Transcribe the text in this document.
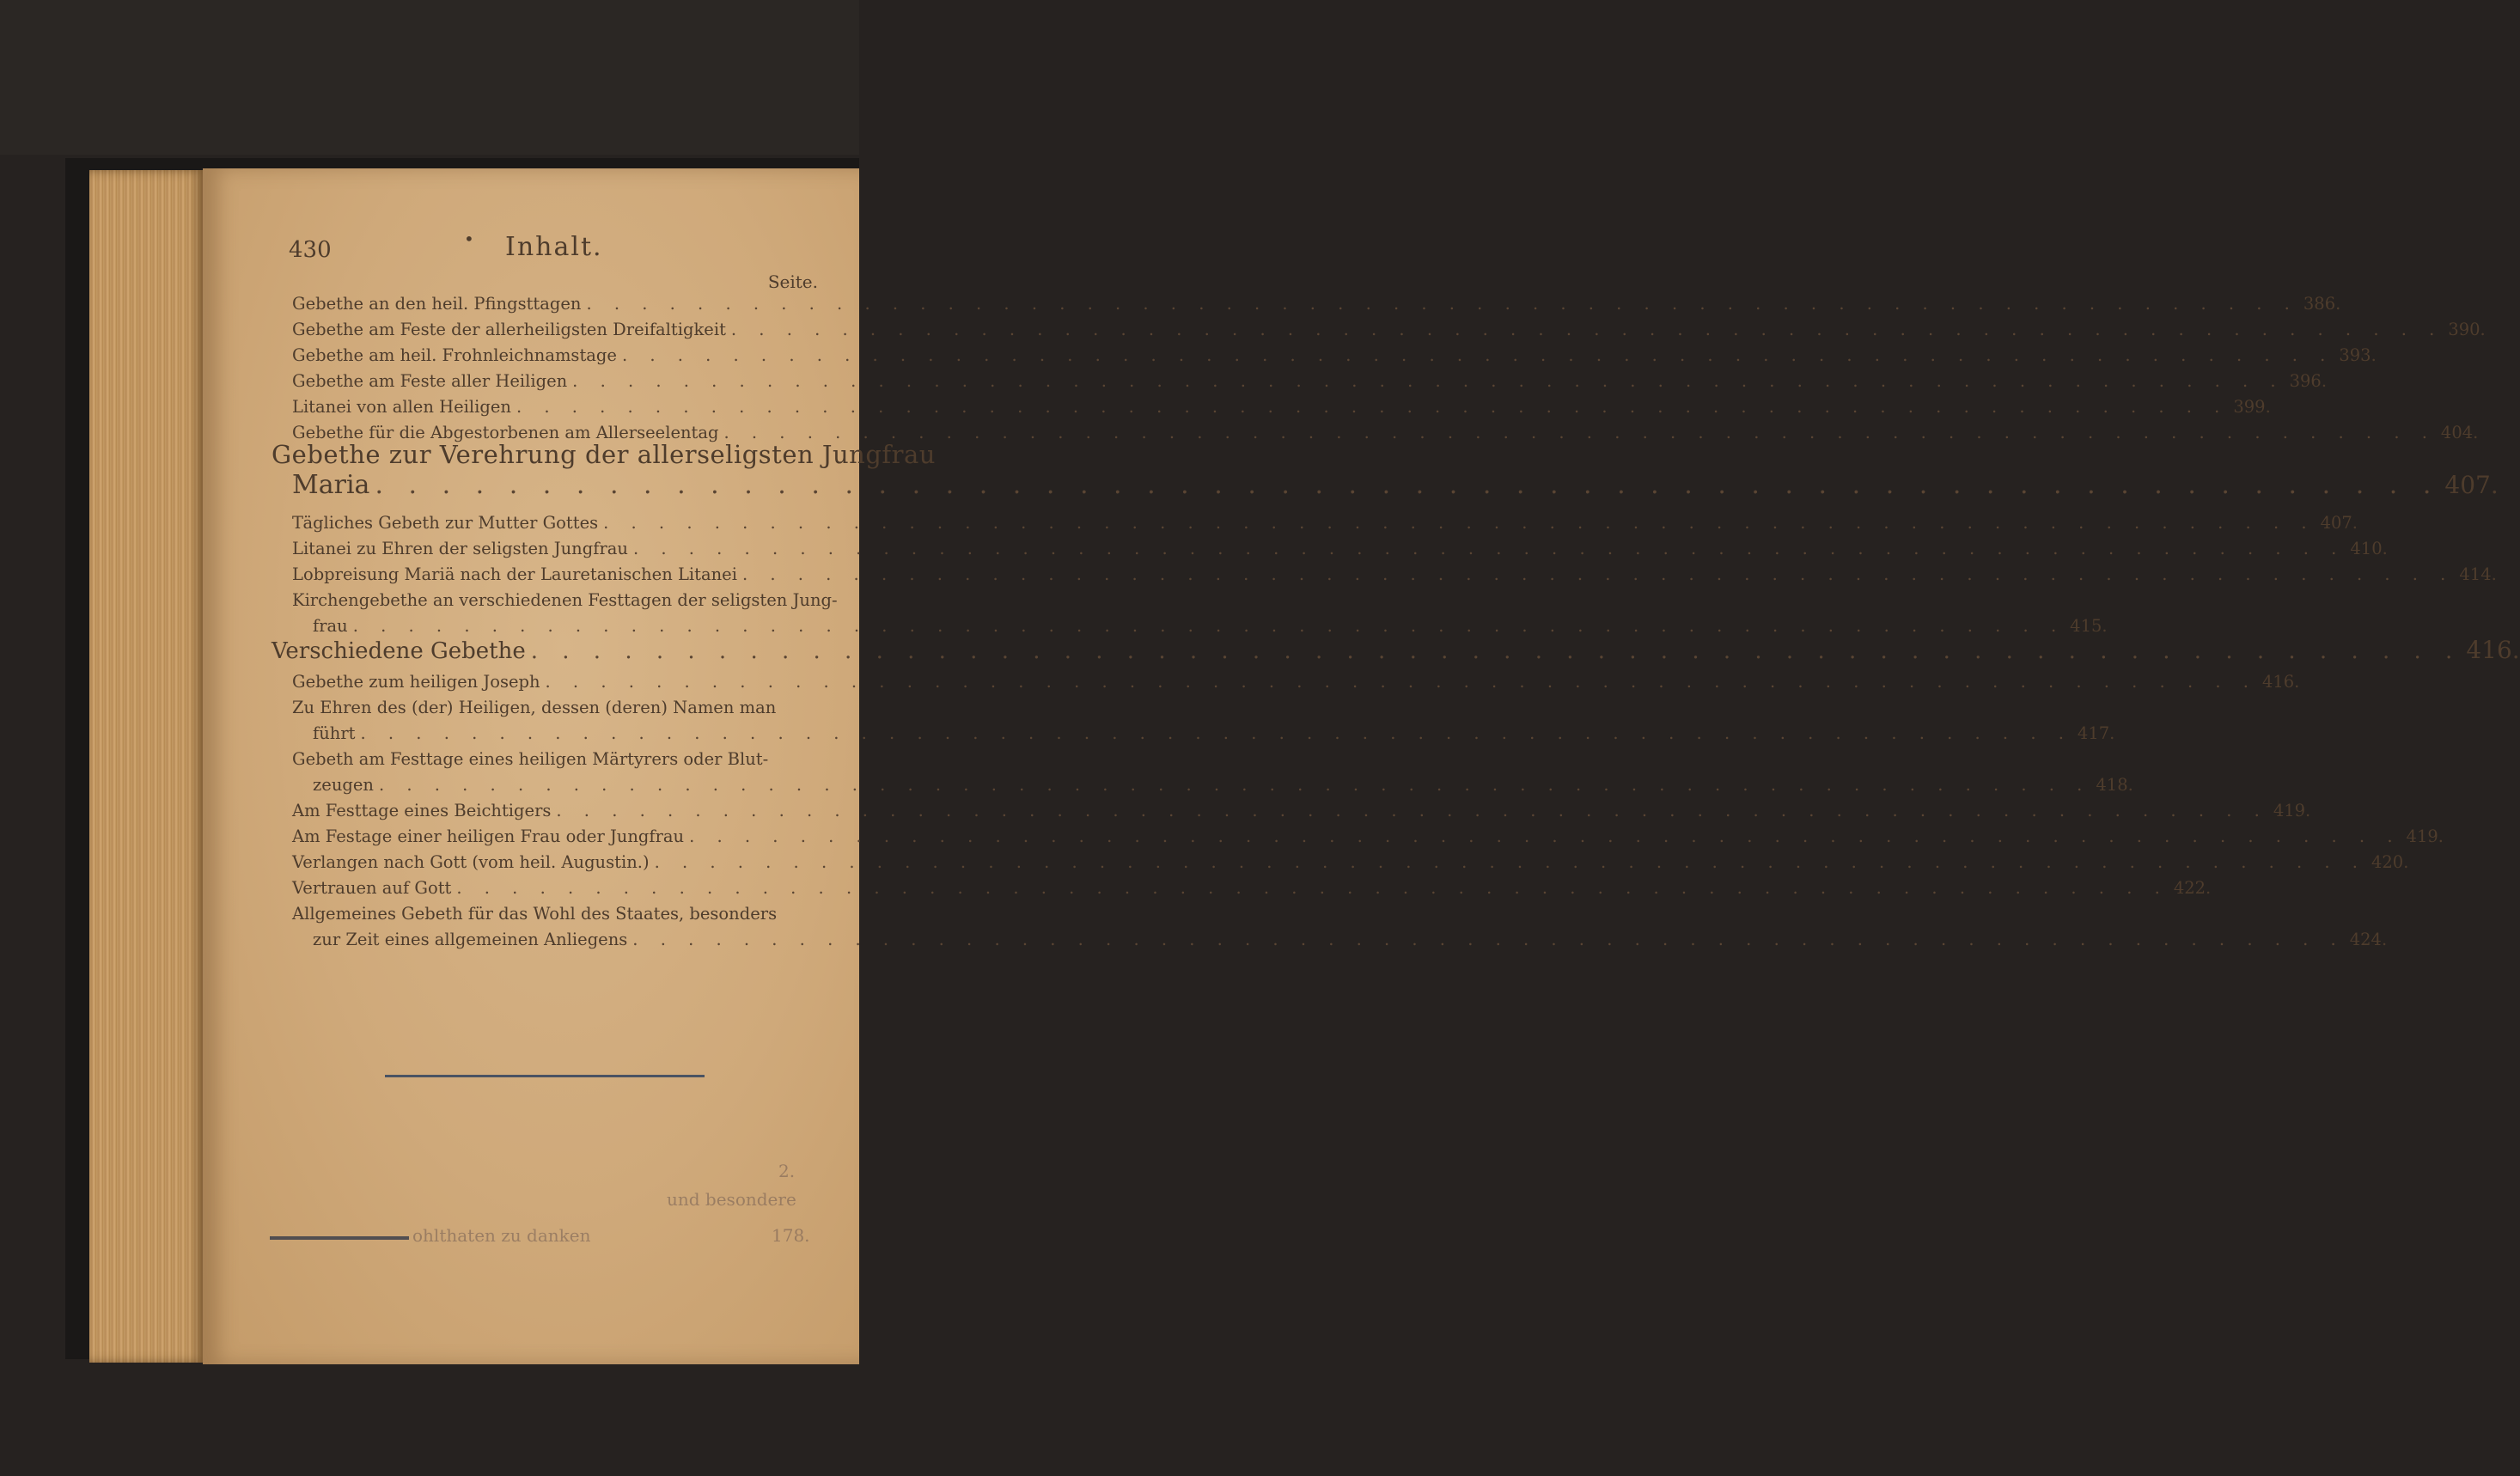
430	• Inhalt.
Seite.
Gebethe an den heil. Pfingsttagen . . .	386.
Gebethe am Feste der allerheiligsten Dreifaltigkeit . . .	390.
Gebethe am heil. Frohnleichnamstage . . .	393.
Gebethe am Feste aller Heiligen . . .	396.
Litanei von allen Heiligen . . .	399.
Gebethe für die Abgestorbenen am Allerseelentag . . .	404.
Gebethe zur Verehrung der allerseligsten Jungfrau
Maria . . .	407.
Tägliches Gebeth zur Mutter Gottes . . .	407.
Litanei zu Ehren der seligsten Jungfrau . . .	410.
Lobpreisung Mariä nach der Lauretanischen Litanei . . .	414.
Kirchengebethe an verschiedenen Festtagen der seligsten Jung-
frau . . .	415.
Verschiedene Gebethe . . .	416.
Gebethe zum heiligen Joseph . . .	416.
Zu Ehren des (der) Heiligen, dessen (deren) Namen man
führt . . .	417.
Gebeth am Festtage eines heiligen Märtyrers oder Blut-
zeugen . . .	418.
Am Festtage eines Beichtigers . . .	419.
Am Festage einer heiligen Frau oder Jungfrau . . .	419.
Verlangen nach Gott (vom heil. Augustin.) . . .	420.
Vertrauen auf Gott . . .	422.
Allgemeines Gebeth für das Wohl des Staates, besonders
zur Zeit eines allgemeinen Anliegens . . .	424.
2.
und besondere
ohlthaten zu danken	178.
